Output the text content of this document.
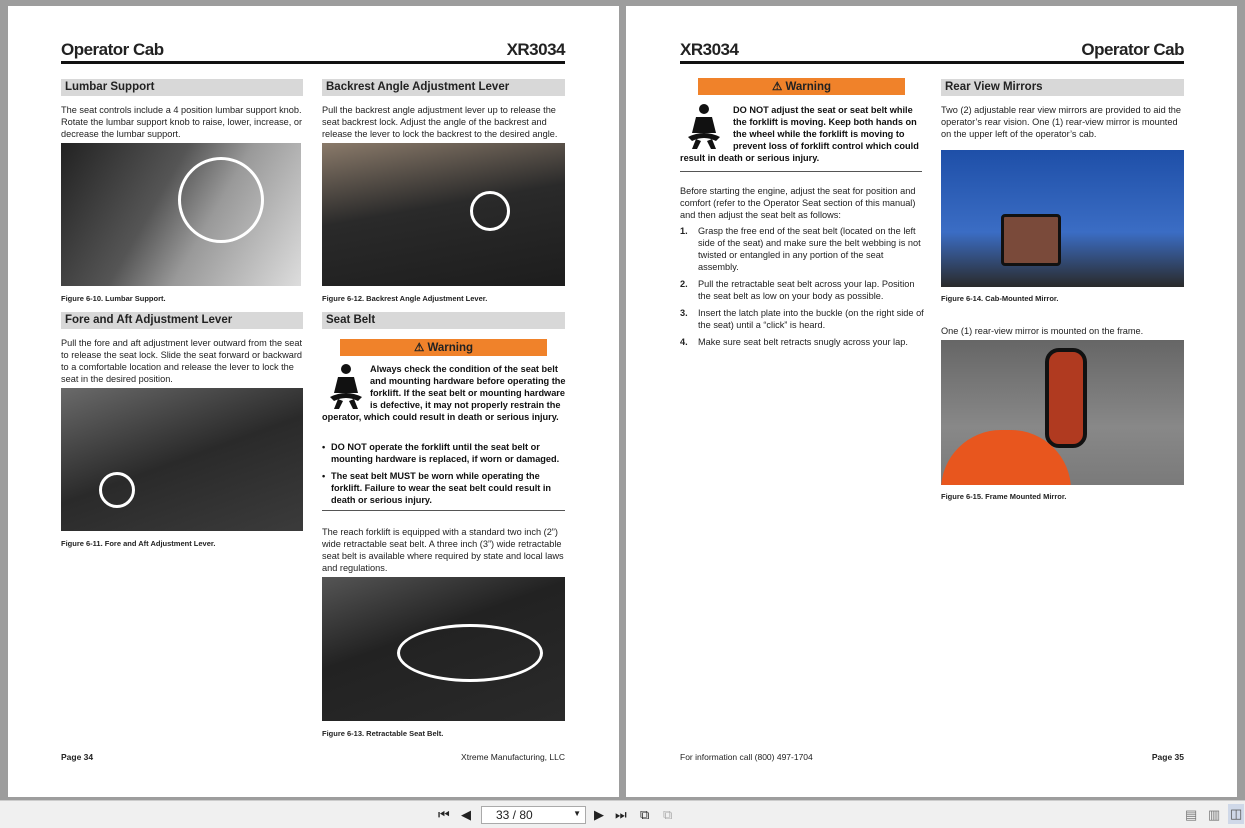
Operator Cab	XR3034
Lumbar Support
The seat controls include a 4 position lumbar support knob. Rotate the lumbar support knob to raise, lower, increase, or decrease the lumbar support.
Figure 6-10. Lumbar Support.
Fore and Aft Adjustment Lever
Pull the fore and aft adjustment lever outward from the seat to release the seat lock. Slide the seat forward or backward to a comfortable location and release the lever to lock the seat in the desired position.
Figure 6-11. Fore and Aft Adjustment Lever.
Backrest Angle Adjustment Lever
Pull the backrest angle adjustment lever up to release the seat backrest lock. Adjust the angle of the backrest and release the lever to lock the backrest to the desired angle.
Figure 6-12. Backrest Angle Adjustment Lever.
Seat Belt
⚠ Warning
Always check the condition of the seat belt and mounting hardware before operating the forklift. If the seat belt or mounting hardware is defective, it may not properly restrain the operator, which could result in death or serious injury.
• DO NOT operate the forklift until the seat belt or mounting hardware is replaced, if worn or damaged.
• The seat belt MUST be worn while operating the forklift. Failure to wear the seat belt could result in death or serious injury.
The reach forklift is equipped with a standard two inch (2”) wide retractable seat belt. A three inch (3”) wide retractable seat belt is available where required by state and local laws and regulations.
Figure 6-13. Retractable Seat Belt.
Page 34	Xtreme Manufacturing, LLC
XR3034	Operator Cab
⚠ Warning
DO NOT adjust the seat or seat belt while the forklift is moving. Keep both hands on the wheel while the forklift is moving to prevent loss of forklift control which could result in death or serious injury.
Before starting the engine, adjust the seat for position and comfort (refer to the Operator Seat section of this manual) and then adjust the seat belt as follows:
1.	Grasp the free end of the seat belt (located on the left side of the seat) and make sure the belt webbing is not twisted or entangled in any portion of the seat assembly.
2.	Pull the retractable seat belt across your lap. Position the seat belt as low on your body as possible.
3.	Insert the latch plate into the buckle (on the right side of the seat) until a “click” is heard.
4.	Make sure seat belt retracts snugly across your lap.
Rear View Mirrors
Two (2) adjustable rear view mirrors are provided to aid the operator’s rear vision. One (1) rear-view mirror is mounted on the upper left of the operator’s cab.
Figure 6-14. Cab-Mounted Mirror.
One (1) rear-view mirror is mounted on the frame.
Figure 6-15. Frame Mounted Mirror.
For information call (800) 497-1704	Page 35
⏮ ◀	33 / 80	▼ ▶ ⏭ ⧉ ⧉	▤ ▥ ◫
